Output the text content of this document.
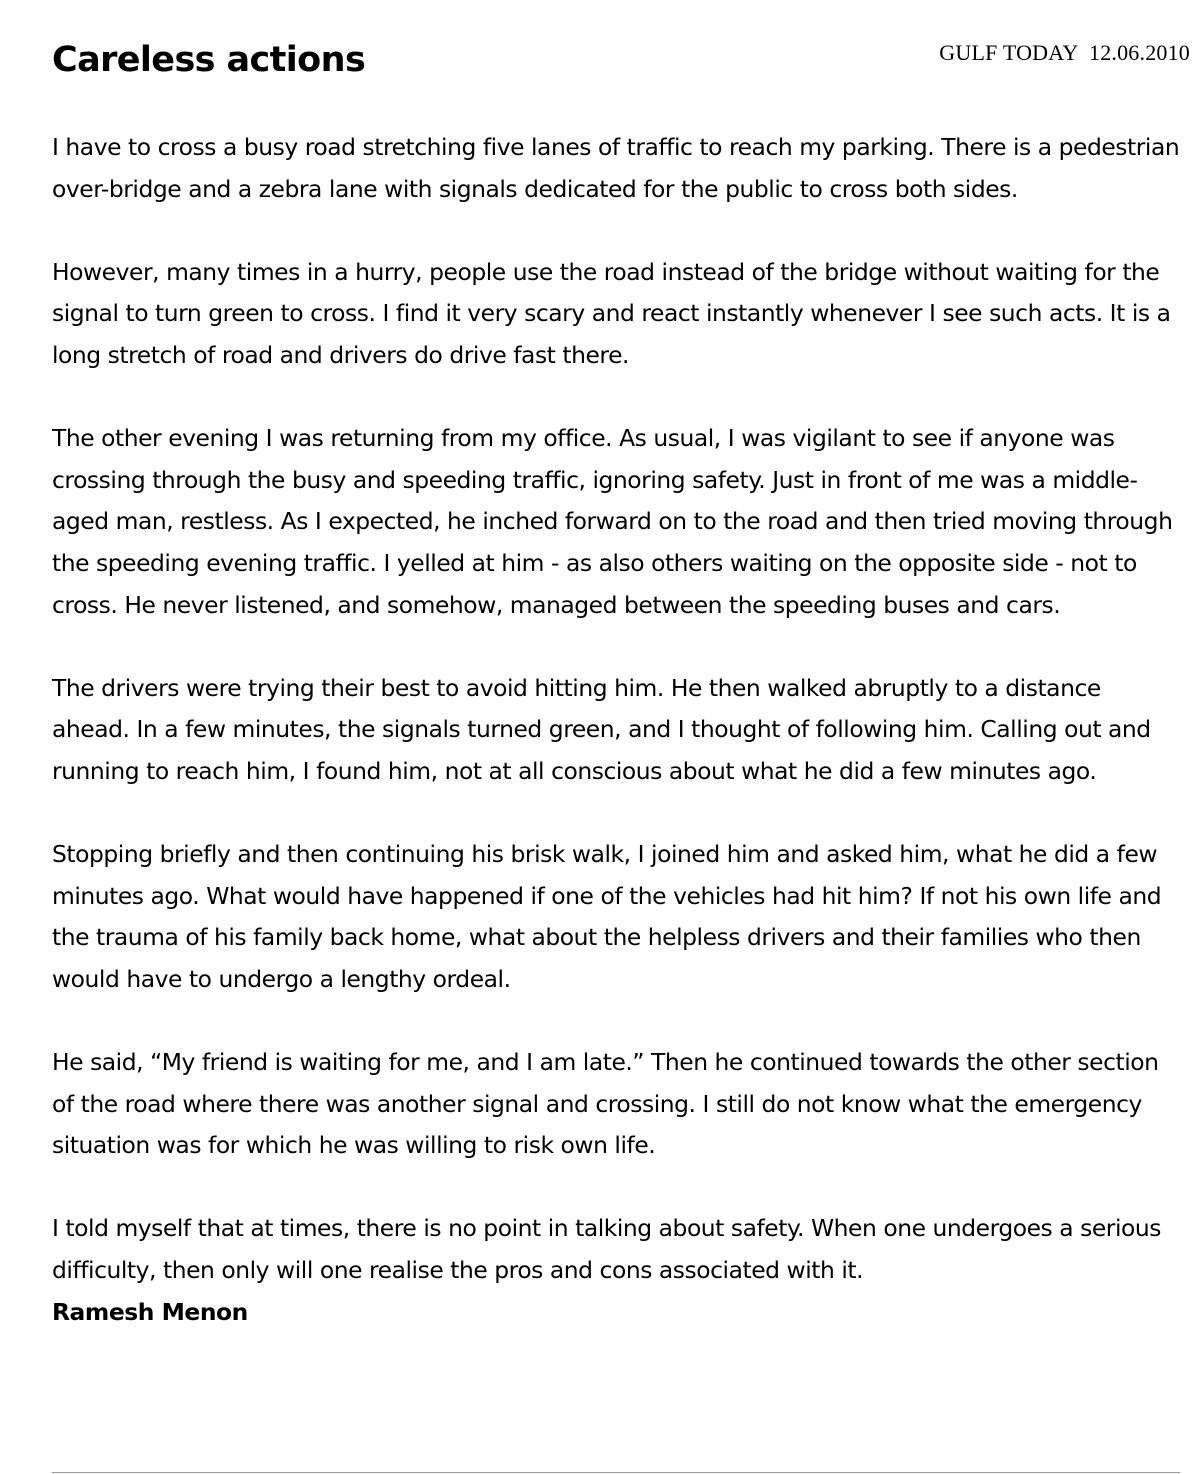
GULF TODAY  12.06.2010
Careless actions

I have to cross a busy road stretching five lanes of traffic to reach my parking. There is a pedestrian over-bridge and a zebra lane with signals dedicated for the public to cross both sides.

However, many times in a hurry, people use the road instead of the bridge without waiting for the signal to turn green to cross. I find it very scary and react instantly whenever I see such acts. It is a long stretch of road and drivers do drive fast there.

The other evening I was returning from my office. As usual, I was vigilant to see if anyone was crossing through the busy and speeding traffic, ignoring safety. Just in front of me was a middle-aged man, restless. As I expected, he inched forward on to the road and then tried moving through the speeding evening traffic. I yelled at him - as also others waiting on the opposite side - not to cross. He never listened, and somehow, managed between the speeding buses and cars.

The drivers were trying their best to avoid hitting him. He then walked abruptly to a distance ahead. In a few minutes, the signals turned green, and I thought of following him. Calling out and running to reach him, I found him, not at all conscious about what he did a few minutes ago.

Stopping briefly and then continuing his brisk walk, I joined him and asked him, what he did a few minutes ago. What would have happened if one of the vehicles had hit him? If not his own life and the trauma of his family back home, what about the helpless drivers and their families who then would have to undergo a lengthy ordeal.

He said, “My friend is waiting for me, and I am late.” Then he continued towards the other section of the road where there was another signal and crossing. I still do not know what the emergency situation was for which he was willing to risk own life.

I told myself that at times, there is no point in talking about safety. When one undergoes a serious difficulty, then only will one realise the pros and cons associated with it.

Ramesh Menon
